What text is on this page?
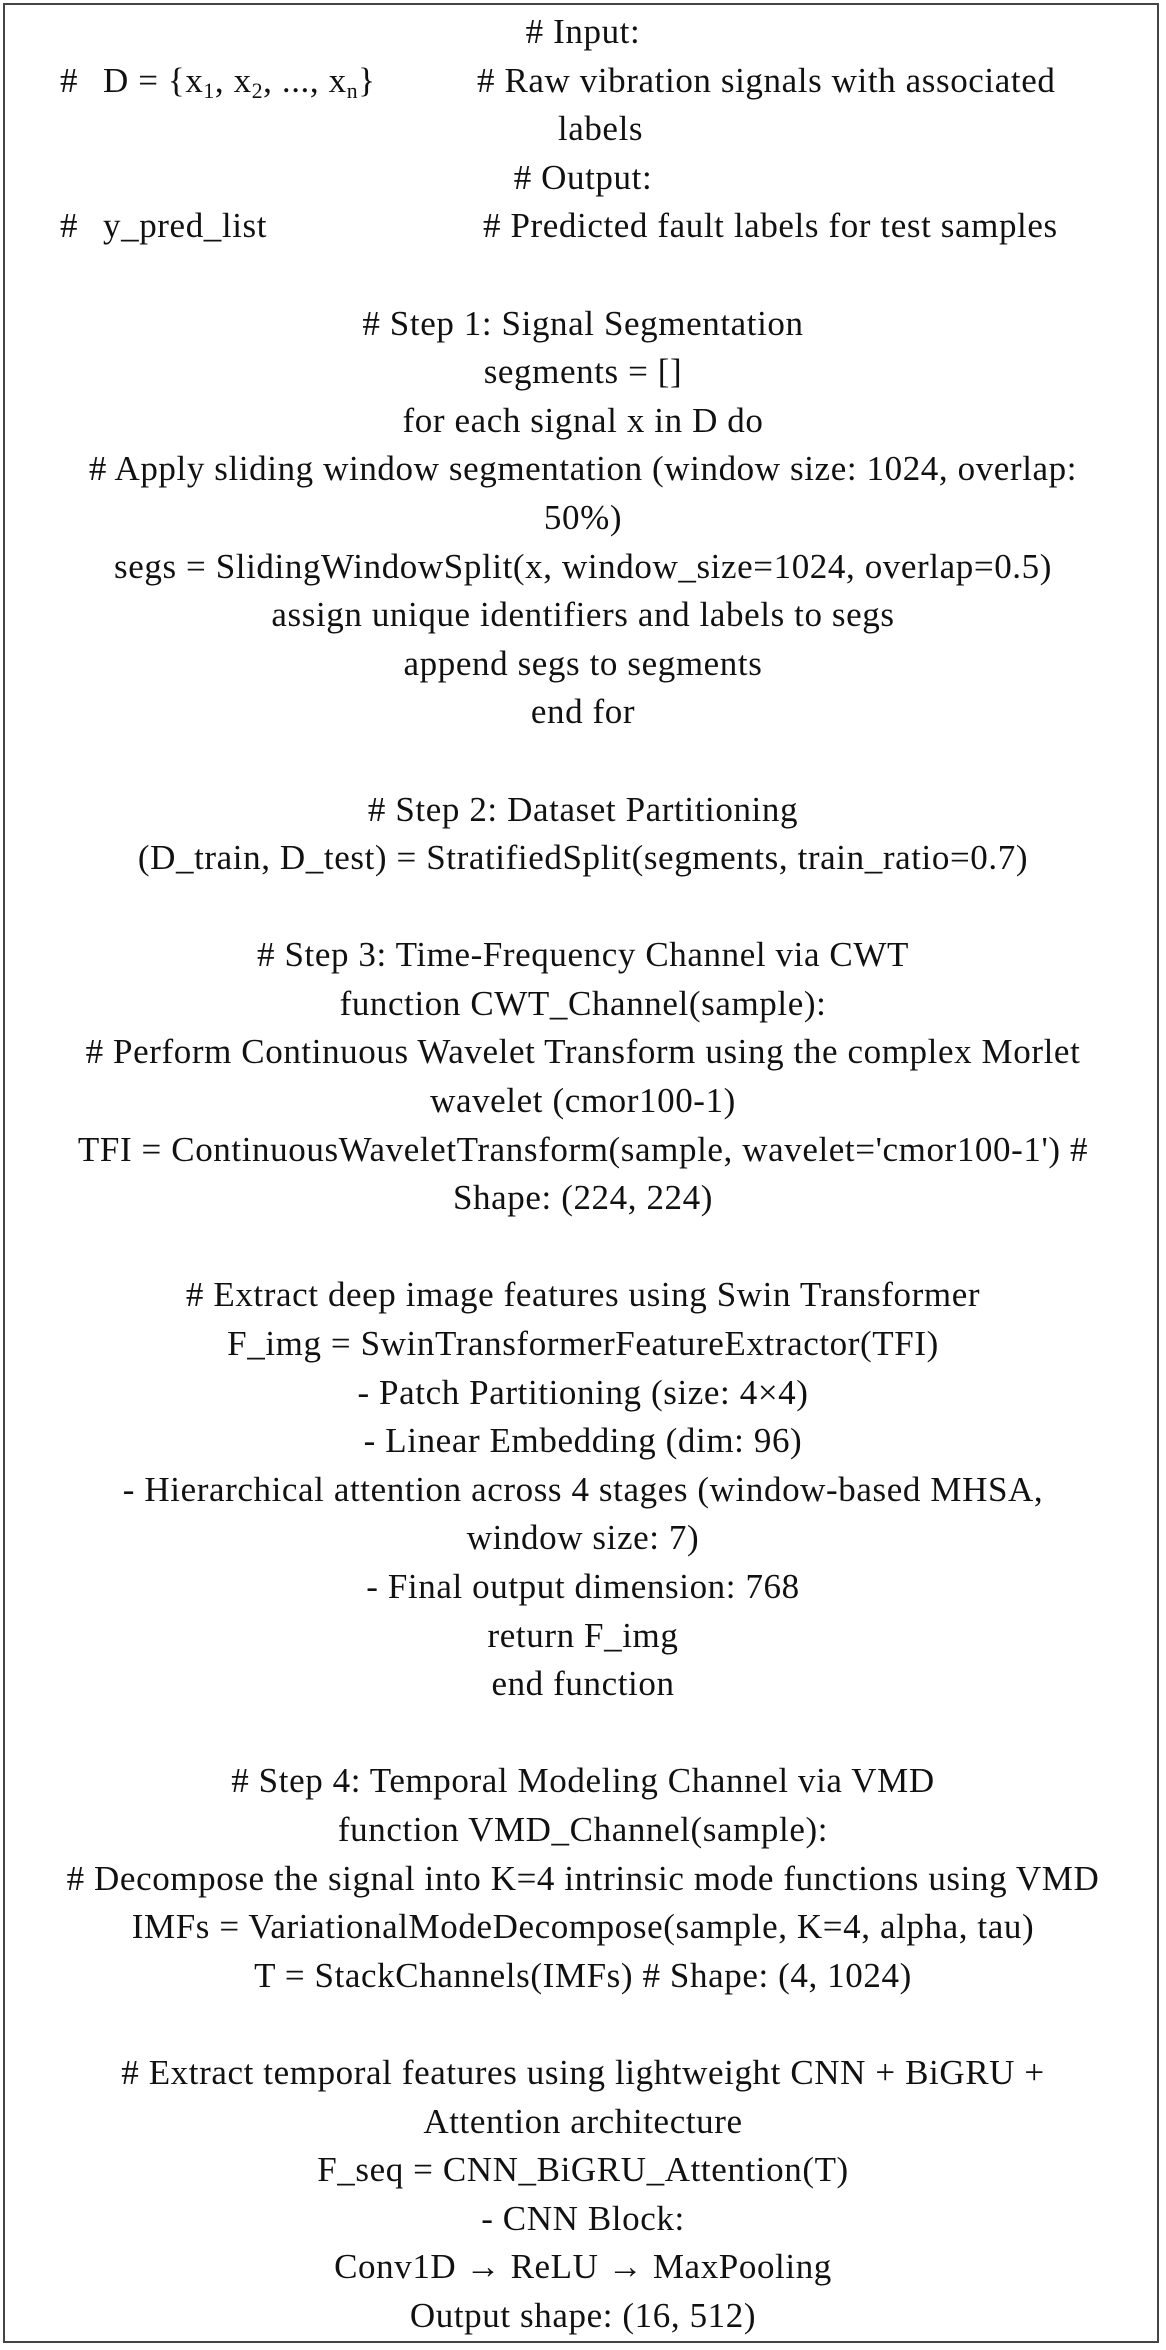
# Input:
# $D = \{x_1$, $x_2$, ..., $x_n$}	# Raw vibration signals with associated
labels
# Output:
# y_pred_list	# Predicted fault labels for test samples
# Step 1: Signal Segmentation
segments = []
for each signal x in D do
# Apply sliding window segmentation (window size: 1024, overlap:
50%)
segs = SlidingWindowSplit(x, window_size=1024, overlap=0.5)
assign unique identifiers and labels to segs
append segs to segments
end for
# Step 2: Dataset Partitioning
(D_train, D_test) = StratifiedSplit(segments, train_ratio=0.7)
# Step 3: Time-Frequency Channel via CWT
function CWT_Channel(sample):
# Perform Continuous Wavelet Transform using the complex Morlet
wavelet (cmor100-1)
TFI = ContinuousWaveletTransform(sample, wavelet='cmor100-1') #
Shape: (224, 224)
# Extract deep image features using Swin Transformer
F_img = SwinTransformerFeatureExtractor(TFI)
- Patch Partitioning (size: 4×4)
- Linear Embedding (dim: 96)
- Hierarchical attention across 4 stages (window-based MHSA,
window size: 7)
- Final output dimension: 768
return F_img
end function
# Step 4: Temporal Modeling Channel via VMD
function VMD_Channel(sample):
# Decompose the signal into K=4 intrinsic mode functions using VMD
IMFs = VariationalModeDecompose(sample, K=4, alpha, tau)
T = StackChannels(IMFs) # Shape: (4, 1024)
# Extract temporal features using lightweight CNN + BiGRU +
Attention architecture
F_seq = CNN_BiGRU_Attention(T)
- CNN Block:
Conv1D → ReLU → MaxPooling
Output shape: (16, 512)
